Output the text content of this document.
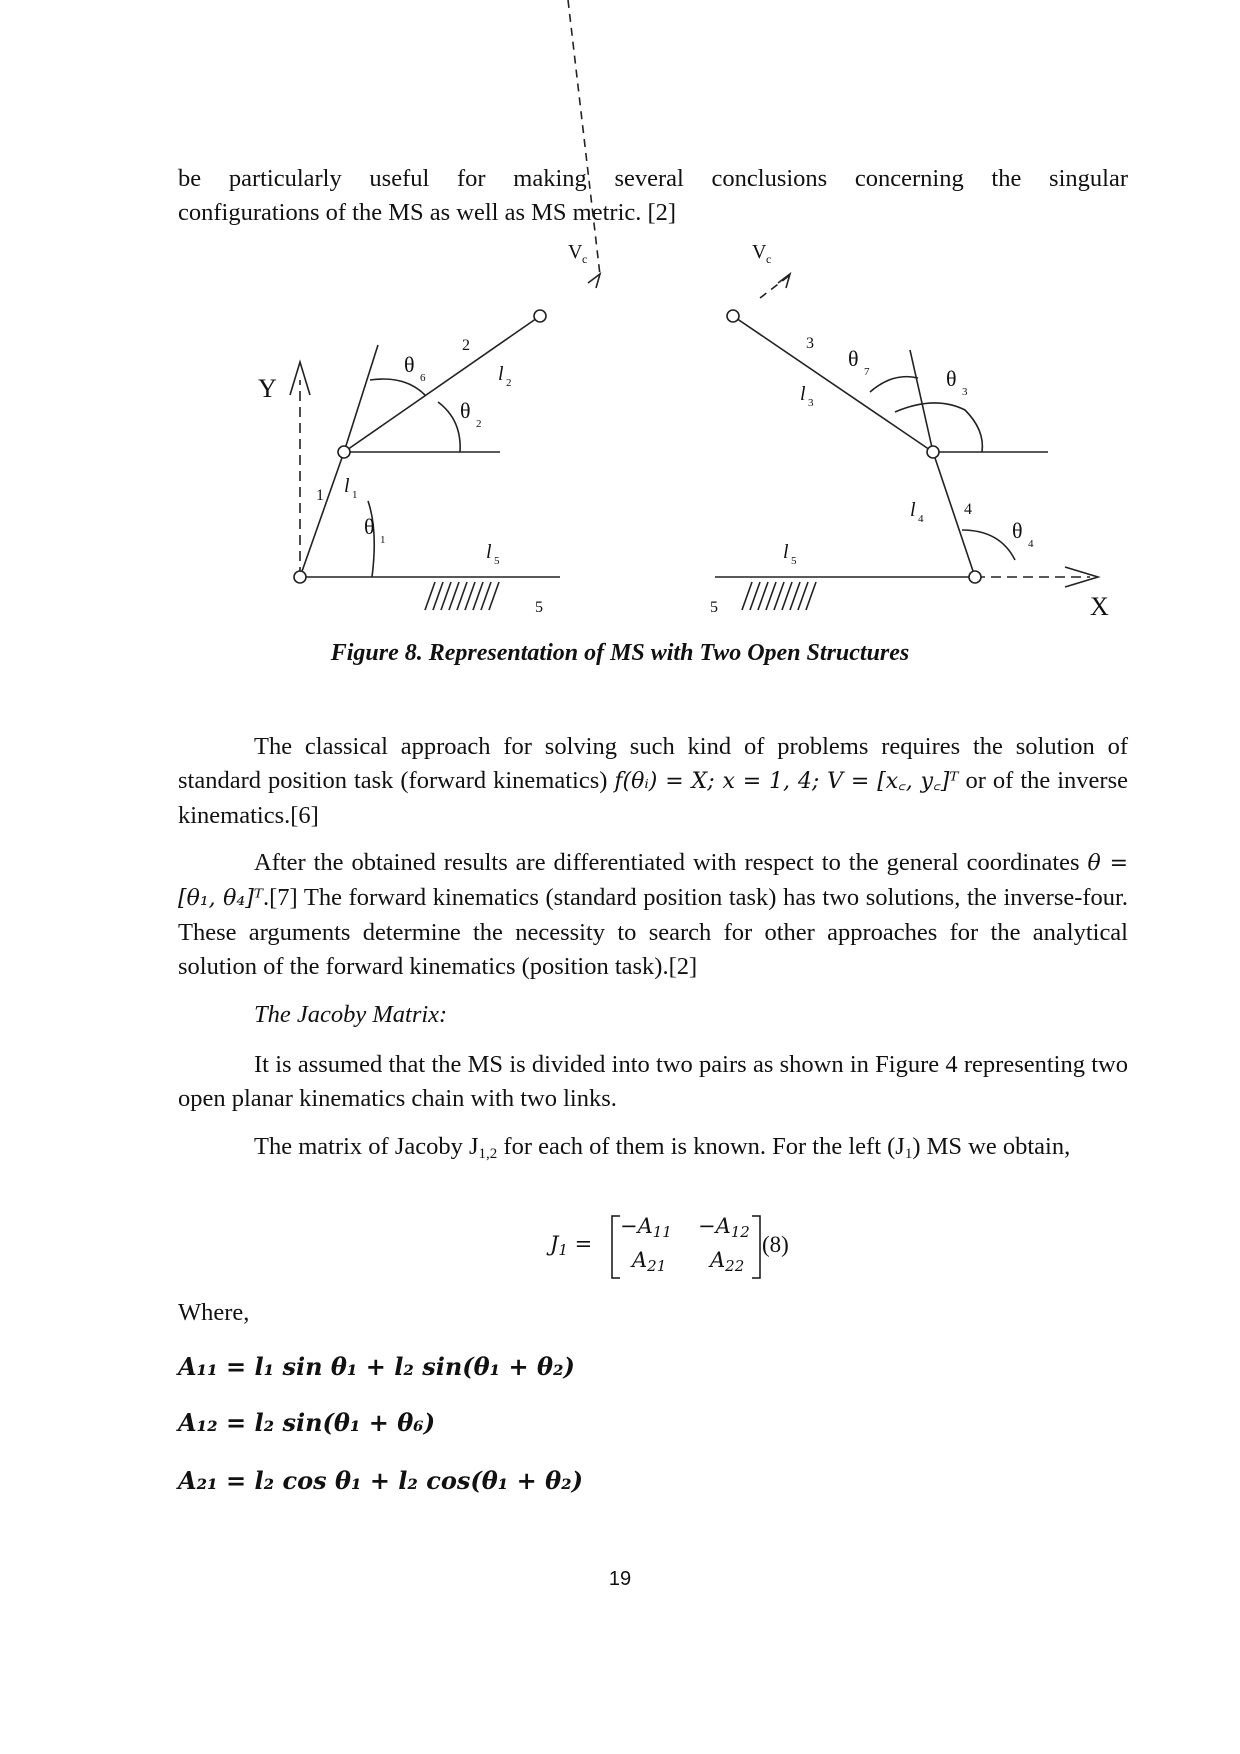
be particularly useful for making several conclusions concerning the singular
configurations of the MS as well as MS metric. [2]
Y
X
V c	V c
1
2	3
4
5	5
l 1
l 2	l 3
l 4
l 5	l 5
θ
1
θ
6
θ
2
θ
7	θ
3
θ
4
Figure 8. Representation of MS with Two Open Structures
The classical approach for solving such kind of problems requires the solution of standard position task (forward kinematics) f(θᵢ) = X; x = 1, 4; V = [x꜀, y꜀]ᵀ or of the inverse kinematics.[6]
After the obtained results are differentiated with respect to the general coordinates θ = [θ₁, θ₄]ᵀ.[7] The forward kinematics (standard position task) has two solutions, the inverse-four. These arguments determine the necessity to search for other approaches for the analytical solution of the forward kinematics (position task).[2]
The Jacoby Matrix:
It is assumed that the MS is divided into two pairs as shown in Figure 4 representing two open planar kinematics chain with two links.
The matrix of Jacoby $J_{1,2}$ for each of them is known. For the left $(J_1)$ MS we obtain,
$J_1$ =
$-A_{11} -A_{12}$
$A_{21}$ $A_{22}$
(8)
Where,
A₁₁ = l₁ sin θ₁ + l₂ sin(θ₁ + θ₂)
A₁₂ = l₂ sin(θ₁ + θ₆)
A₂₁ = l₂ cos θ₁ + l₂ cos(θ₁ + θ₂)
19
